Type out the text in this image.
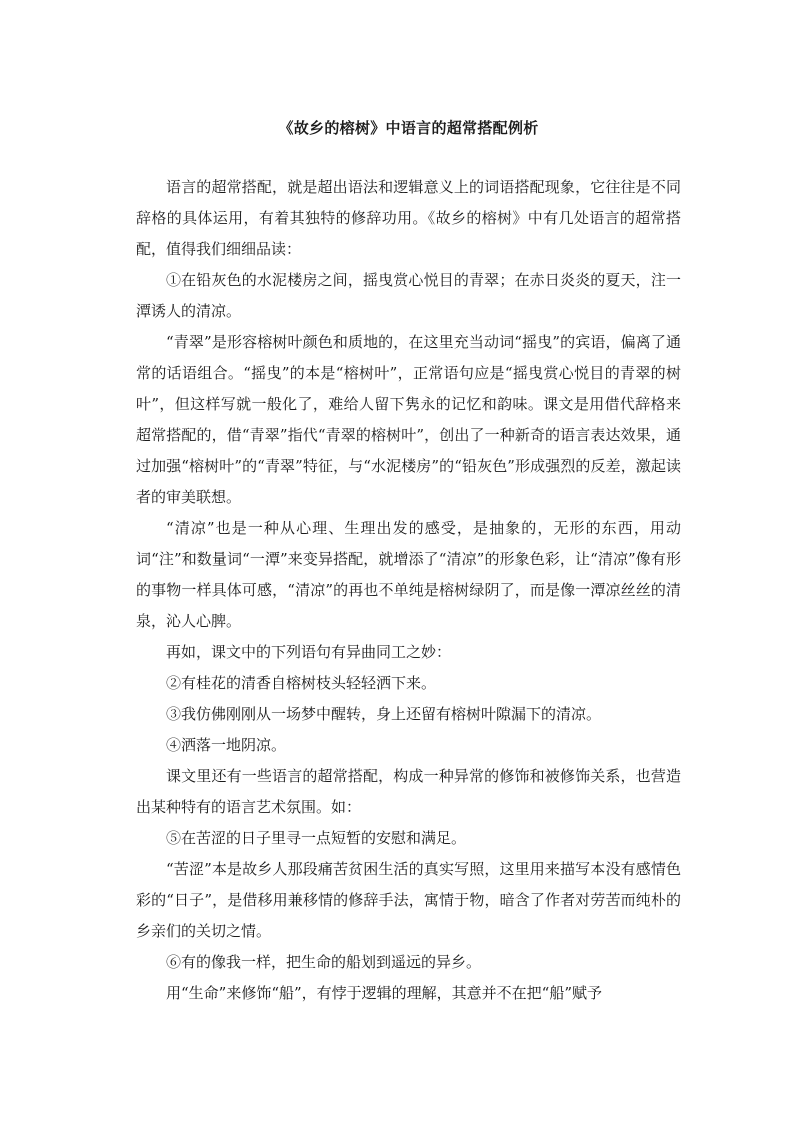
《故乡的榕树》中语言的超常搭配例析

语言的超常搭配，就是超出语法和逻辑意义上的词语搭配现象，它往往是不同辞格的具体运用，有着其独特的修辞功用。《故乡的榕树》中有几处语言的超常搭配，值得我们细细品读：

①在铅灰色的水泥楼房之间，摇曳赏心悦目的青翠；在赤日炎炎的夏天，注一潭诱人的清凉。

“青翠”是形容榕树叶颜色和质地的，在这里充当动词“摇曳”的宾语，偏离了通常的话语组合。“摇曳”的本是“榕树叶”，正常语句应是“摇曳赏心悦目的青翠的树叶”，但这样写就一般化了，难给人留下隽永的记忆和韵味。课文是用借代辞格来超常搭配的，借“青翠”指代“青翠的榕树叶”，创出了一种新奇的语言表达效果，通过加强“榕树叶”的“青翠”特征，与“水泥楼房”的“铅灰色”形成强烈的反差，激起读者的审美联想。

“清凉”也是一种从心理、生理出发的感受，是抽象的，无形的东西，用动词“注”和数量词“一潭”来变异搭配，就增添了“清凉”的形象色彩，让“清凉”像有形的事物一样具体可感，“清凉”的再也不单纯是榕树绿阴了，而是像一潭凉丝丝的清泉，沁人心脾。

再如，课文中的下列语句有异曲同工之妙：

②有桂花的清香自榕树枝头轻轻洒下来。

③我仿佛刚刚从一场梦中醒转，身上还留有榕树叶隙漏下的清凉。

④洒落一地阴凉。

课文里还有一些语言的超常搭配，构成一种异常的修饰和被修饰关系，也营造出某种特有的语言艺术氛围。如：

⑤在苦涩的日子里寻一点短暂的安慰和满足。

“苦涩”本是故乡人那段痛苦贫困生活的真实写照，这里用来描写本没有感情色彩的“日子”，是借移用兼移情的修辞手法，寓情于物，暗含了作者对劳苦而纯朴的乡亲们的关切之情。

⑥有的像我一样，把生命的船划到遥远的异乡。

用“生命”来修饰“船”，有悖于逻辑的理解，其意并不在把“船”赋予
